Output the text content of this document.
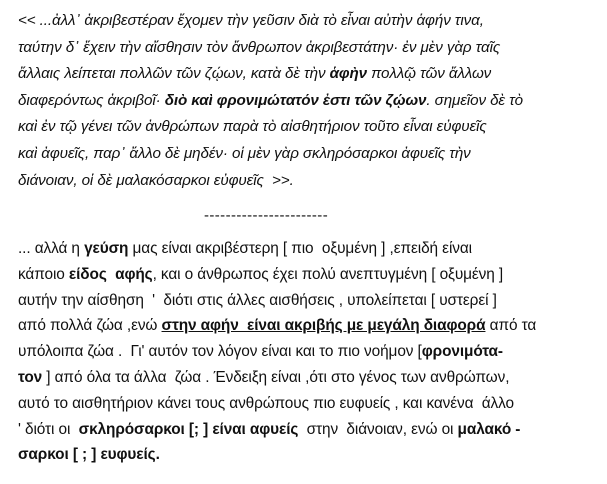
<< ...ἀλλ᾽ ἀκριβεστέραν ἔχομεν τὴν γεῦσιν διὰ τὸ εἶναι αὐτὴν ἁφήν τινα,
ταύτην δ᾽ ἔχειν τὴν αἴσθησιν τὸν ἄνθρωπον ἀκριβεστάτην· ἐν μὲν γὰρ ταῖς
ἄλλαις λείπεται πολλῶν τῶν ζῴων, κατὰ δὲ τὴν ἁφὴν πολλῷ τῶν ἄλλων
διαφερόντως ἀκριβοῖ· διὸ καὶ φρονιμώτατόν ἐστι τῶν ζῴων. σημεῖον δὲ τὸ
καὶ ἐν τῷ γένει τῶν ἀνθρώπων παρὰ τὸ αἰσθητήριον τοῦτο εἶναι εὐφυεῖς
καὶ ἀφυεῖς, παρ᾽ ἄλλο δὲ μηδέν· οἱ μὲν γὰρ σκληρόσαρκοι ἀφυεῖς τὴν
διάνοιαν, οἱ δὲ μαλακόσαρκοι εὐφυεῖς  >>.

-----------------------

... αλλά η γεύση μας είναι ακριβέστερη [ πιο  οξυμένη ] ,επειδή είναι
κάποιο είδος  αφής, και ο άνθρωπος έχει πολύ ανεπτυγμένη [ οξυμένη ]
αυτήν την αίσθηση  '  διότι στις άλλες αισθήσεις , υπολείπεται [ υστερεί ]
από πολλά ζώα ,ενώ στην αφήν  είναι ακριβής με μεγάλη διαφορά από τα
υπόλοιπα ζώα .  Γι' αυτόν τον λόγον είναι και το πιο νοήμον [φρονιμότα-
τον ] από όλα τα άλλα  ζώα . Ένδειξη είναι ,ότι στο γένος των ανθρώπων,
αυτό το αισθητήριον κάνει τους ανθρώπους πιο ευφυείς , και κανένα  άλλο
' διότι οι  σκληρόσαρκοι [; ] είναι αφυείς  στην  διάνοιαν, ενώ οι μαλακό -
σαρκοι [ ; ] ευφυείς.
